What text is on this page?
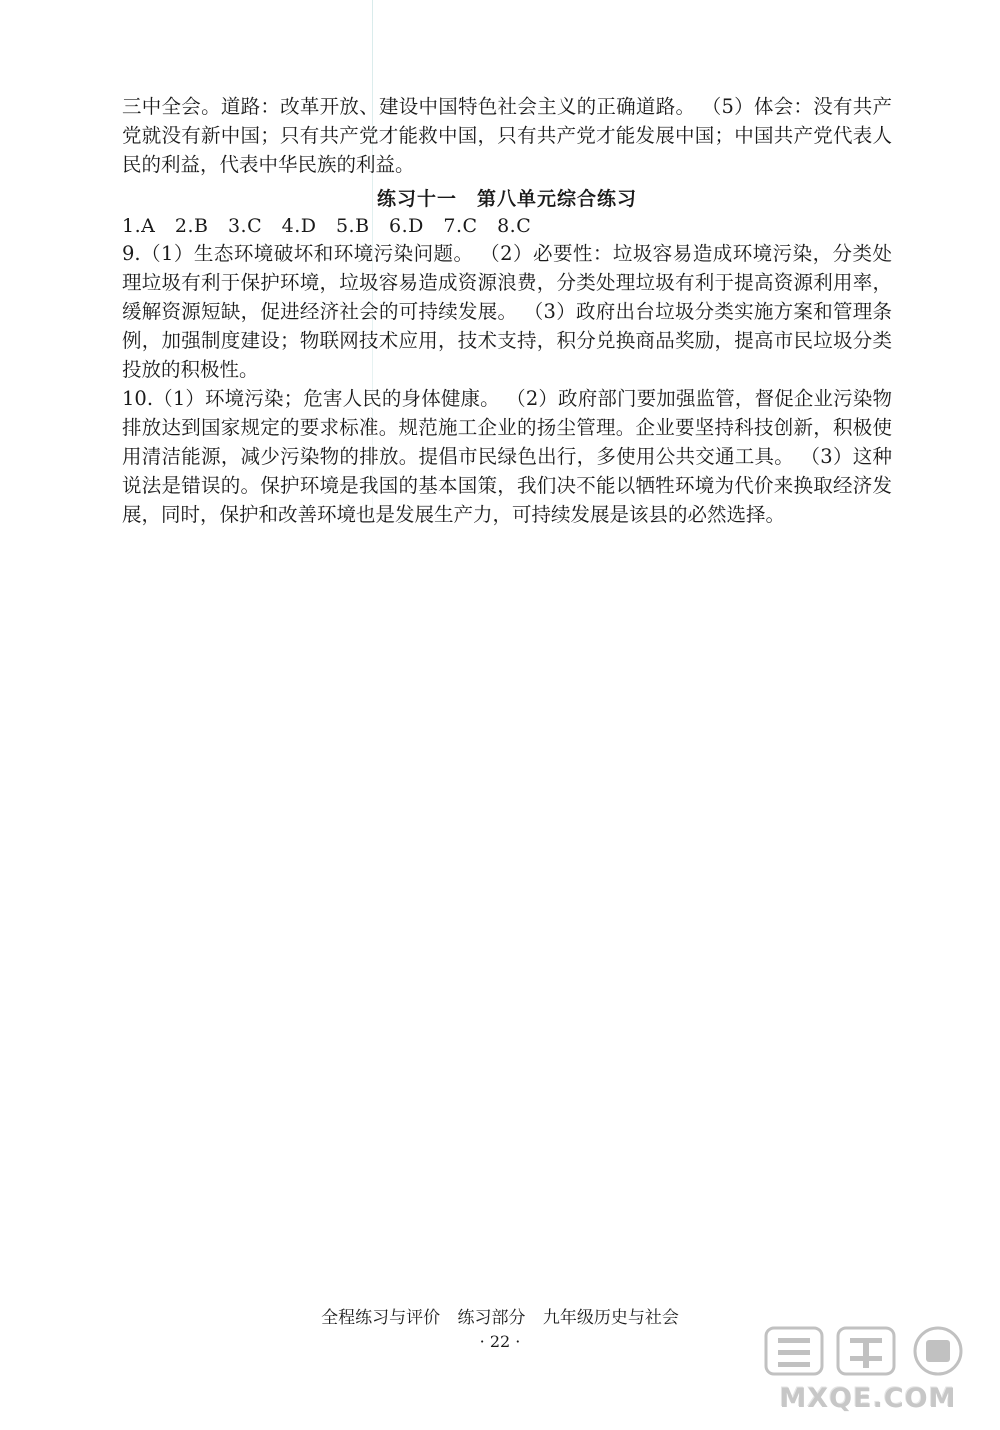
三中全会。道路：改革开放、建设中国特色社会主义的正确道路。 （5）体会：没有共产党就没有新中国；只有共产党才能救中国，只有共产党才能发展中国；中国共产党代表人民的利益，代表中华民族的利益。

练习十一　第八单元综合练习

1.A　2.B　3.C　4.D　5.B　6.D　7.C　8.C

9.（1）生态环境破坏和环境污染问题。 （2）必要性：垃圾容易造成环境污染，分类处理垃圾有利于保护环境，垃圾容易造成资源浪费，分类处理垃圾有利于提高资源利用率，缓解资源短缺，促进经济社会的可持续发展。 （3）政府出台垃圾分类实施方案和管理条例，加强制度建设；物联网技术应用，技术支持，积分兑换商品奖励，提高市民垃圾分类投放的积极性。

10.（1）环境污染；危害人民的身体健康。 （2）政府部门要加强监管，督促企业污染物排放达到国家规定的要求标准。规范施工企业的扬尘管理。企业要坚持科技创新，积极使用清洁能源，减少污染物的排放。提倡市民绿色出行，多使用公共交通工具。 （3）这种说法是错误的。保护环境是我国的基本国策，我们决不能以牺牲环境为代价来换取经济发展，同时，保护和改善环境也是发展生产力，可持续发展是该县的必然选择。

全程练习与评价 练习部分 九年级历史与社会
· 22 ·
MXQE.COM
